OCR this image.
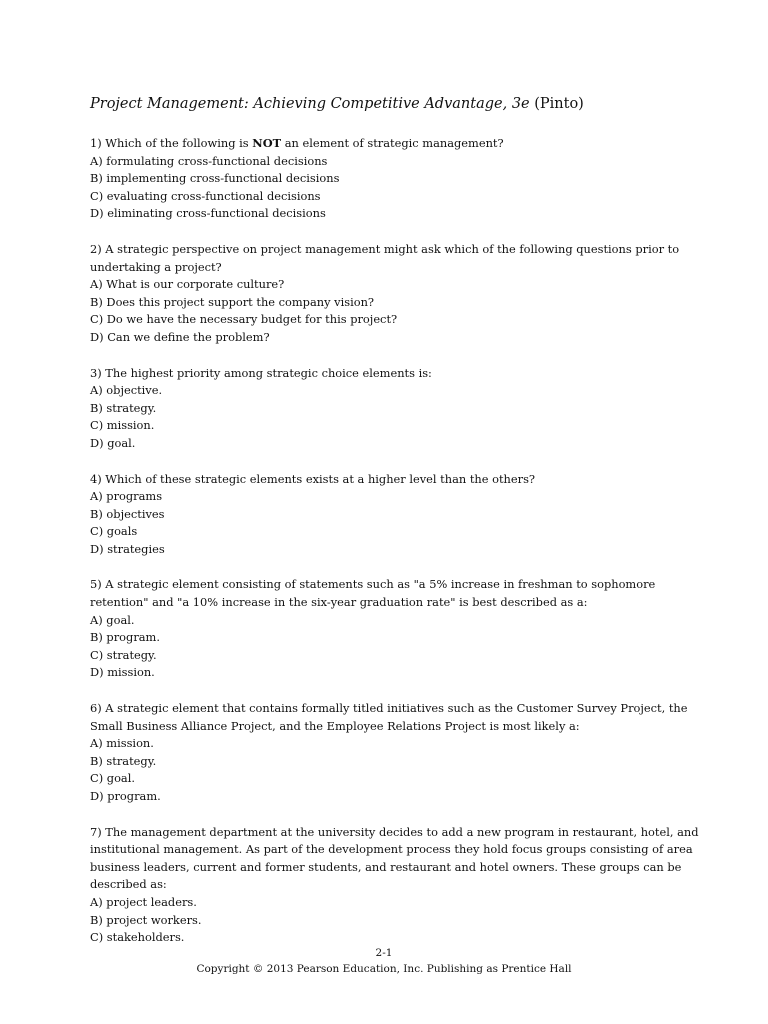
Project Management: Achieving Competitive Advantage, 3e (Pinto)
1) Which of the following is NOT an element of strategic management?
A) formulating cross-functional decisions
B) implementing cross-functional decisions
C) evaluating cross-functional decisions
D) eliminating cross-functional decisions
2) A strategic perspective on project management might ask which of the following questions prior to
undertaking a project?
A) What is our corporate culture?
B) Does this project support the company vision?
C) Do we have the necessary budget for this project?
D) Can we define the problem?
3) The highest priority among strategic choice elements is:
A) objective.
B) strategy.
C) mission.
D) goal.
4) Which of these strategic elements exists at a higher level than the others?
A) programs
B) objectives
C) goals
D) strategies
5) A strategic element consisting of statements such as "a 5% increase in freshman to sophomore
retention" and "a 10% increase in the six-year graduation rate" is best described as a:
A) goal.
B) program.
C) strategy.
D) mission.
6) A strategic element that contains formally titled initiatives such as the Customer Survey Project, the
Small Business Alliance Project, and the Employee Relations Project is most likely a:
A) mission.
B) strategy.
C) goal.
D) program.
7) The management department at the university decides to add a new program in restaurant, hotel, and
institutional management. As part of the development process they hold focus groups consisting of area
business leaders, current and former students, and restaurant and hotel owners. These groups can be
described as:
A) project leaders.
B) project workers.
C) stakeholders.
2-1
Copyright © 2013 Pearson Education, Inc. Publishing as Prentice Hall
